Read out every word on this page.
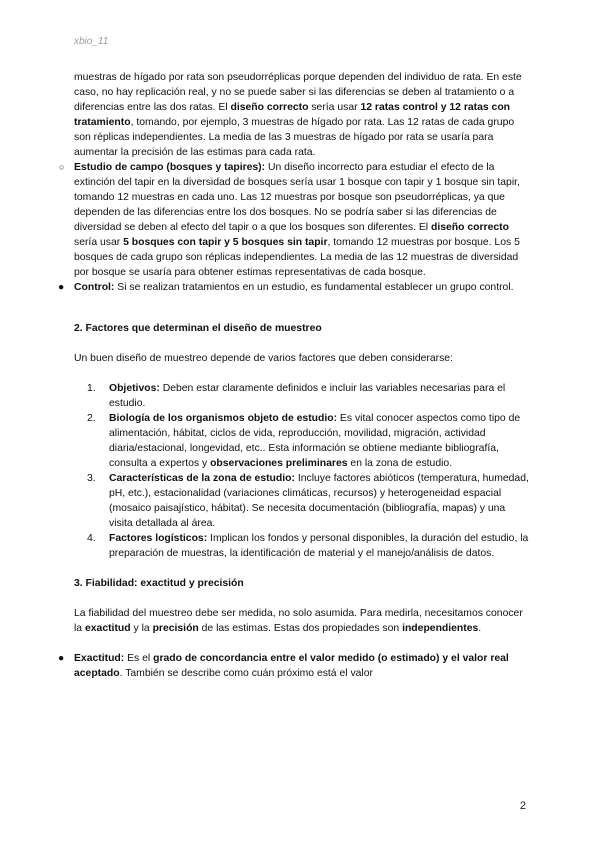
xbio_11

muestras de hígado por rata son pseudorréplicas porque dependen del individuo de rata. En este caso, no hay replicación real, y no se puede saber si las diferencias se deben al tratamiento o a diferencias entre las dos ratas. El diseño correcto sería usar 12 ratas control y 12 ratas con tratamiento, tomando, por ejemplo, 3 muestras de hígado por rata. Las 12 ratas de cada grupo son réplicas independientes. La media de las 3 muestras de hígado por rata se usaría para aumentar la precisión de las estimas para cada rata.

○ Estudio de campo (bosques y tapires): Un diseño incorrecto para estudiar el efecto de la extinción del tapir en la diversidad de bosques sería usar 1 bosque con tapir y 1 bosque sin tapir, tomando 12 muestras en cada uno. Las 12 muestras por bosque son pseudorréplicas, ya que dependen de las diferencias entre los dos bosques. No se podría saber si las diferencias de diversidad se deben al efecto del tapir o a que los bosques son diferentes. El diseño correcto sería usar 5 bosques con tapir y 5 bosques sin tapir, tomando 12 muestras por bosque. Los 5 bosques de cada grupo son réplicas independientes. La media de las 12 muestras de diversidad por bosque se usaría para obtener estimas representativas de cada bosque.

● Control: Si se realizan tratamientos en un estudio, es fundamental establecer un grupo control.

2. Factores que determinan el diseño de muestreo

Un buen diseño de muestreo depende de varios factores que deben considerarse:

1. Objetivos: Deben estar claramente definidos e incluir las variables necesarias para el estudio.

2. Biología de los organismos objeto de estudio: Es vital conocer aspectos como tipo de alimentación, hábitat, ciclos de vida, reproducción, movilidad, migración, actividad diaria/estacional, longevidad, etc.. Esta información se obtiene mediante bibliografía, consulta a expertos y observaciones preliminares en la zona de estudio.

3. Características de la zona de estudio: Incluye factores abióticos (temperatura, humedad, pH, etc.), estacionalidad (variaciones climáticas, recursos) y heterogeneidad espacial (mosaico paisajístico, hábitat). Se necesita documentación (bibliografía, mapas) y una visita detallada al área.

4. Factores logísticos: Implican los fondos y personal disponibles, la duración del estudio, la preparación de muestras, la identificación de material y el manejo/análisis de datos.

3. Fiabilidad: exactitud y precisión

La fiabilidad del muestreo debe ser medida, no solo asumida. Para medirla, necesitamos conocer la exactitud y la precisión de las estimas. Estas dos propiedades son independientes.

● Exactitud: Es el grado de concordancia entre el valor medido (o estimado) y el valor real aceptado. También se describe como cuán próximo está el valor

2
